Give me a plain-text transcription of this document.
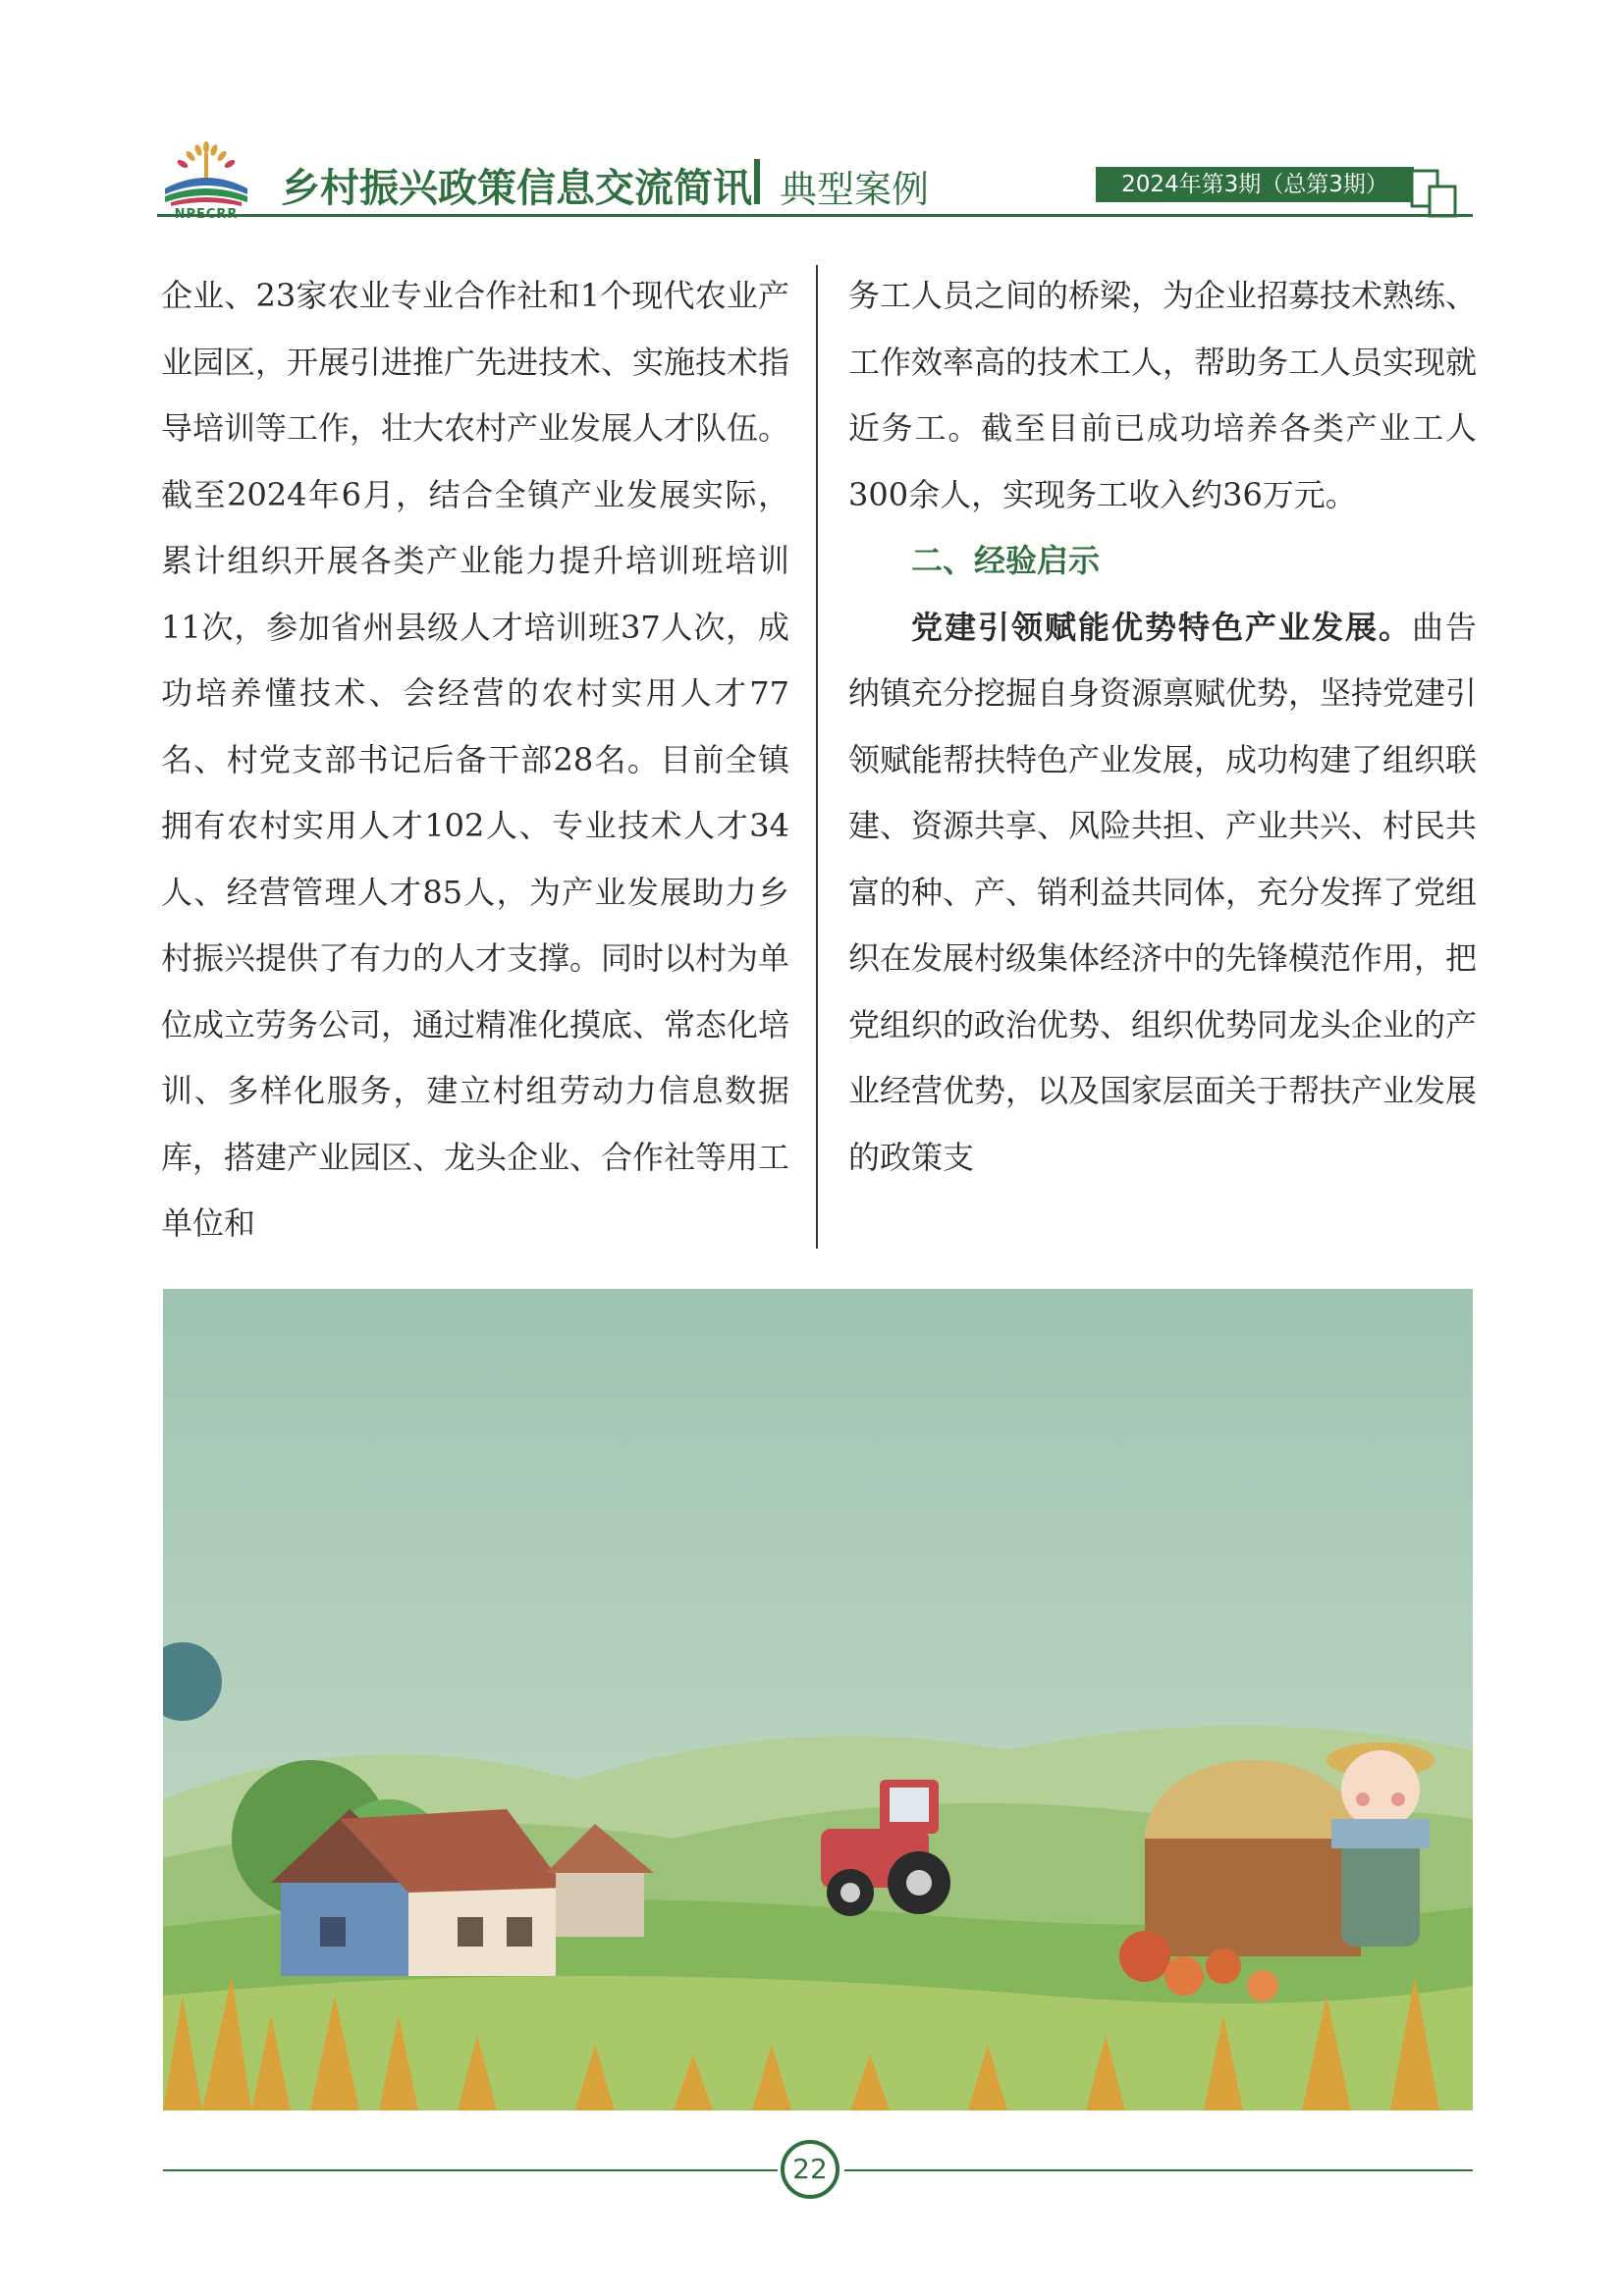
乡村振兴政策信息交流简讯 典型案例	2024年第3期（总第3期）

企业、23家农业专业合作社和1个现代农业产业园区，开展引进推广先进技术、实施技术指导培训等工作，壮大农村产业发展人才队伍。截至2024年6月，结合全镇产业发展实际，累计组织开展各类产业能力提升培训班培训11次，参加省州县级人才培训班37人次，成功培养懂技术、会经营的农村实用人才77名、村党支部书记后备干部28名。目前全镇拥有农村实用人才102人、专业技术人才34人、经营管理人才85人，为产业发展助力乡村振兴提供了有力的人才支撑。同时以村为单位成立劳务公司，通过精准化摸底、常态化培训、多样化服务，建立村组劳动力信息数据库，搭建产业园区、龙头企业、合作社等用工单位和

务工人员之间的桥梁，为企业招募技术熟练、工作效率高的技术工人，帮助务工人员实现就近务工。截至目前已成功培养各类产业工人300余人，实现务工收入约36万元。

二、经验启示

党建引领赋能优势特色产业发展。曲告纳镇充分挖掘自身资源禀赋优势，坚持党建引领赋能帮扶特色产业发展，成功构建了组织联建、资源共享、风险共担、产业共兴、村民共富的种、产、销利益共同体，充分发挥了党组织在发展村级集体经济中的先锋模范作用，把党组织的政治优势、组织优势同龙头企业的产业经营优势，以及国家层面关于帮扶产业发展的政策支

22
